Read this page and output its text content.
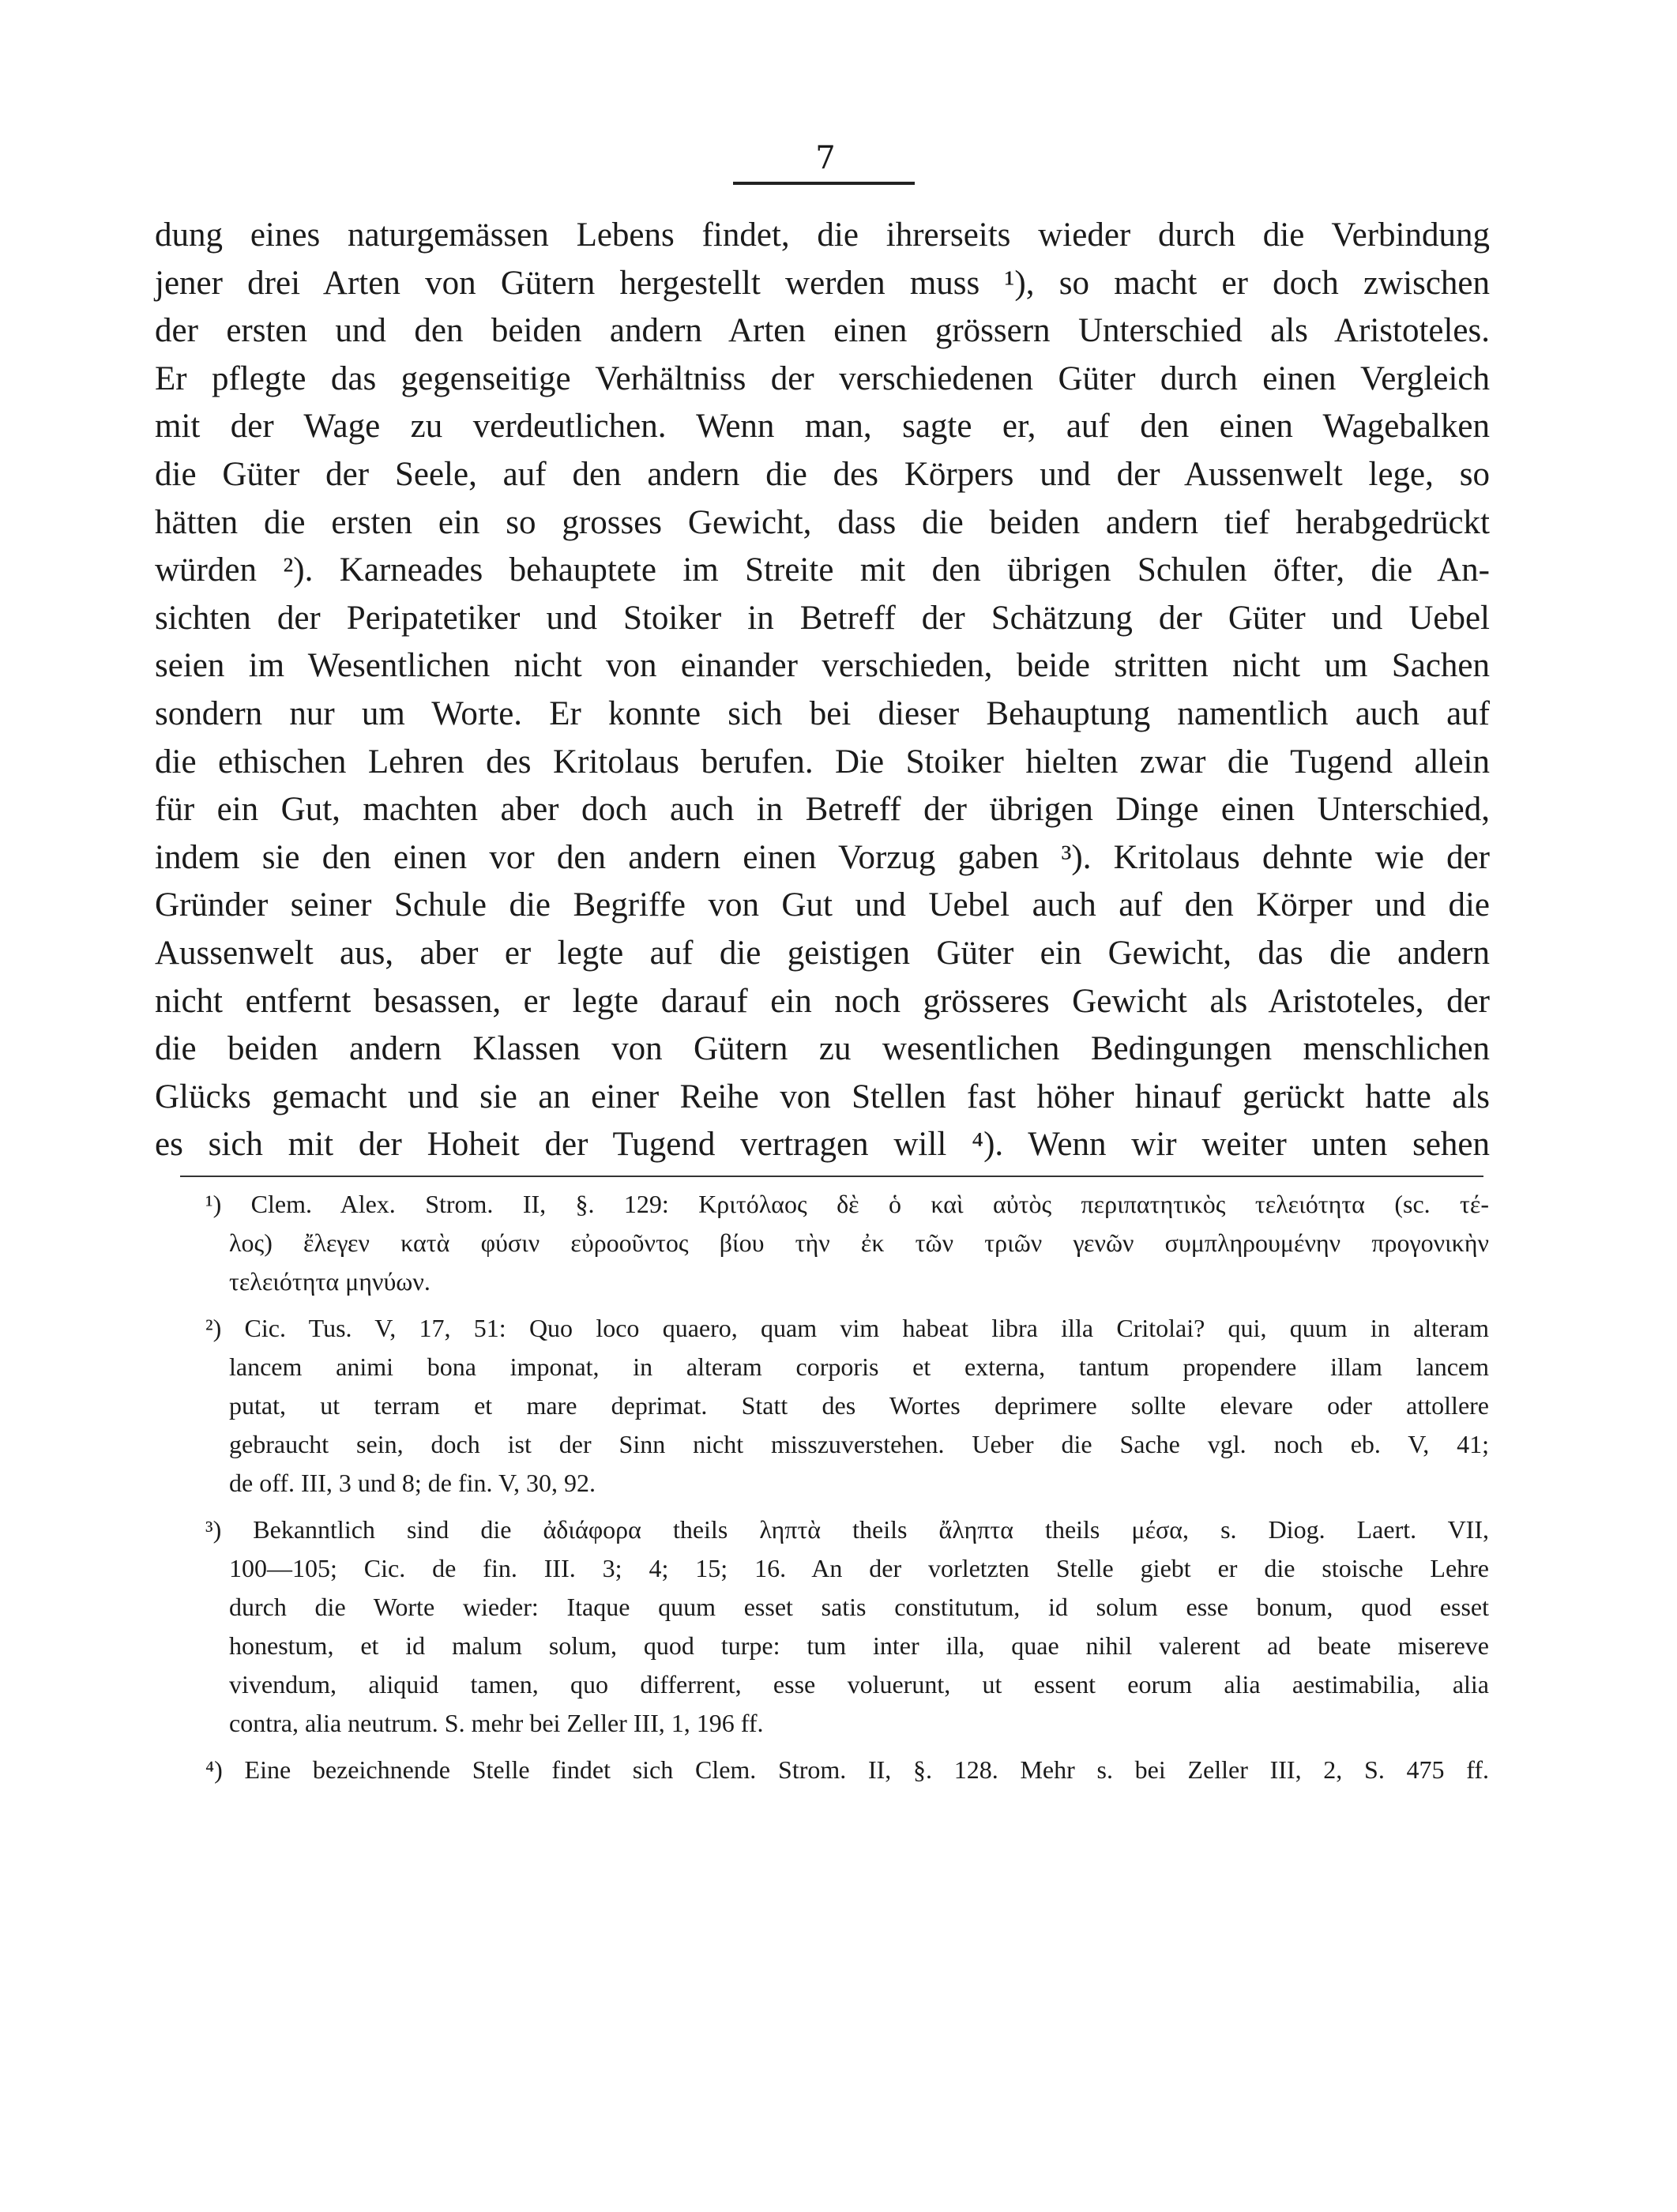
7
dung eines naturgemässen Lebens findet, die ihrerseits wieder durch die Verbindung
jener drei Arten von Gütern hergestellt werden muss ¹), so macht er doch zwischen
der ersten und den beiden andern Arten einen grössern Unterschied als Aristoteles.
Er pflegte das gegenseitige Verhältniss der verschiedenen Güter durch einen Vergleich
mit der Wage zu verdeutlichen. Wenn man, sagte er, auf den einen Wagebalken
die Güter der Seele, auf den andern die des Körpers und der Aussenwelt lege, so
hätten die ersten ein so grosses Gewicht, dass die beiden andern tief herabgedrückt
würden ²). Karneades behauptete im Streite mit den übrigen Schulen öfter, die An-
sichten der Peripatetiker und Stoiker in Betreff der Schätzung der Güter und Uebel
seien im Wesentlichen nicht von einander verschieden, beide stritten nicht um Sachen
sondern nur um Worte. Er konnte sich bei dieser Behauptung namentlich auch auf
die ethischen Lehren des Kritolaus berufen. Die Stoiker hielten zwar die Tugend allein
für ein Gut, machten aber doch auch in Betreff der übrigen Dinge einen Unterschied,
indem sie den einen vor den andern einen Vorzug gaben ³). Kritolaus dehnte wie der
Gründer seiner Schule die Begriffe von Gut und Uebel auch auf den Körper und die
Aussenwelt aus, aber er legte auf die geistigen Güter ein Gewicht, das die andern
nicht entfernt besassen, er legte darauf ein noch grösseres Gewicht als Aristoteles, der
die beiden andern Klassen von Gütern zu wesentlichen Bedingungen menschlichen
Glücks gemacht und sie an einer Reihe von Stellen fast höher hinauf gerückt hatte als
es sich mit der Hoheit der Tugend vertragen will ⁴). Wenn wir weiter unten sehen
¹) Clem. Alex. Strom. II, §. 129: Κριτόλαος δὲ ὁ καὶ αὐτὸς περιπατητικὸς τελειότητα (sc. τέ-
λος) ἔλεγεν κατὰ φύσιν εὐροοῦντος βίου τὴν ἐκ τῶν τριῶν γενῶν συμπληρουμένην προγονικὴν
τελειότητα μηνύων.
²) Cic. Tus. V, 17, 51: Quo loco quaero, quam vim habeat libra illa Critolai? qui, quum in alteram
lancem animi bona imponat, in alteram corporis et externa, tantum propendere illam lancem
putat, ut terram et mare deprimat. Statt des Wortes deprimere sollte elevare oder attollere
gebraucht sein, doch ist der Sinn nicht misszuverstehen. Ueber die Sache vgl. noch eb. V, 41;
de off. III, 3 und 8; de fin. V, 30, 92.
³) Bekanntlich sind die ἀδιάφορα theils ληπτὰ theils ἄληπτα theils μέσα, s. Diog. Laert. VII,
100—105; Cic. de fin. III. 3; 4; 15; 16. An der vorletzten Stelle giebt er die stoische Lehre
durch die Worte wieder: Itaque quum esset satis constitutum, id solum esse bonum, quod esset
honestum, et id malum solum, quod turpe: tum inter illa, quae nihil valerent ad beate misereve
vivendum, aliquid tamen, quo differrent, esse voluerunt, ut essent eorum alia aestimabilia, alia
contra, alia neutrum. S. mehr bei Zeller III, 1, 196 ff.
⁴) Eine bezeichnende Stelle findet sich Clem. Strom. II, §. 128. Mehr s. bei Zeller III, 2, S. 475 ff.
